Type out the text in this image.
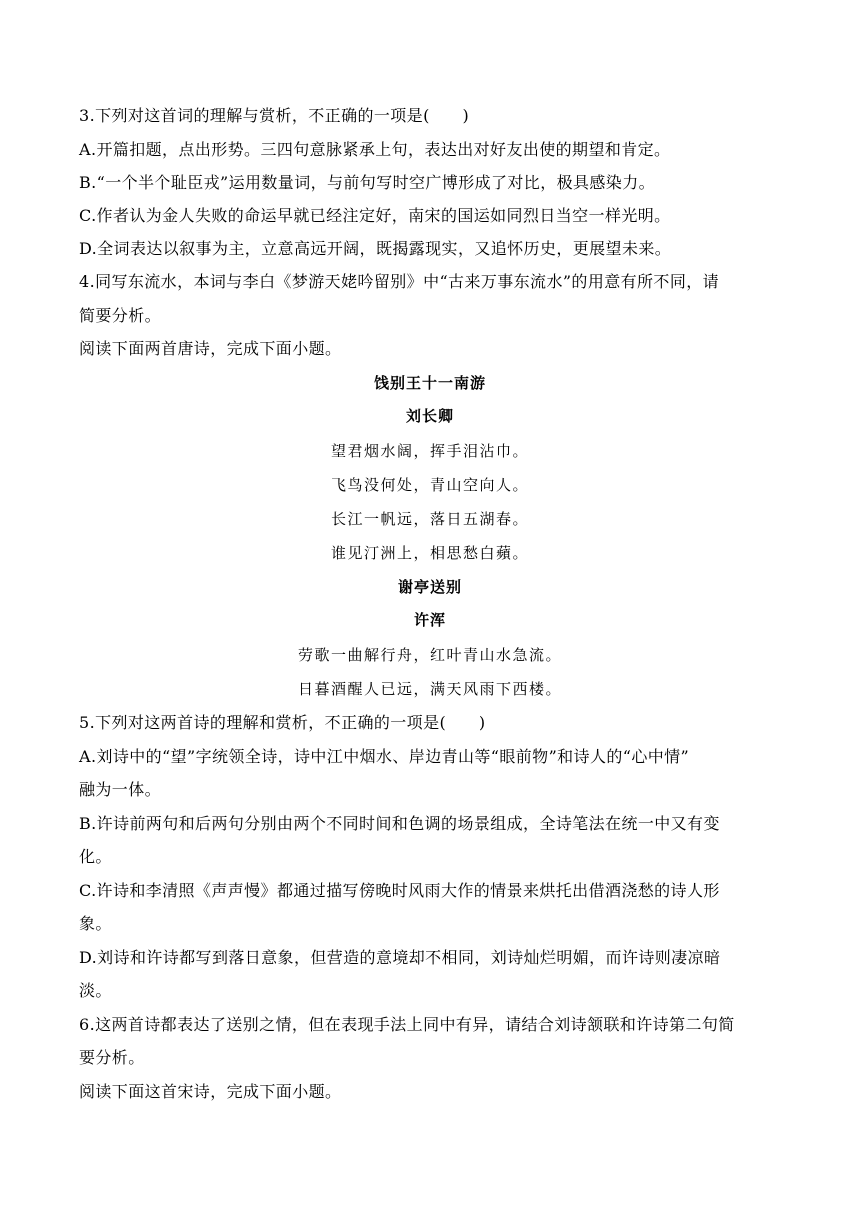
3.下列对这首词的理解与赏析，不正确的一项是(　　)
A.开篇扣题，点出形势。三四句意脉紧承上句，表达出对好友出使的期望和肯定。
B.“一个半个耻臣戎”运用数量词，与前句写时空广博形成了对比，极具感染力。
C.作者认为金人失败的命运早就已经注定好，南宋的国运如同烈日当空一样光明。
D.全词表达以叙事为主，立意高远开阔，既揭露现实，又追怀历史，更展望未来。
4.同写东流水，本词与李白《梦游天姥吟留别》中“古来万事东流水”的用意有所不同，请
简要分析。
阅读下面两首唐诗，完成下面小题。
饯别王十一南游
刘长卿
望君烟水阔，挥手泪沾巾。
飞鸟没何处，青山空向人。
长江一帆远，落日五湖春。
谁见汀洲上，相思愁白蘋。
谢亭送别
许浑
劳歌一曲解行舟，红叶青山水急流。
日暮酒醒人已远，满天风雨下西楼。
5.下列对这两首诗的理解和赏析，不正确的一项是(　　)
A.刘诗中的“望”字统领全诗，诗中江中烟水、岸边青山等“眼前物”和诗人的“心中情”
融为一体。
B.许诗前两句和后两句分别由两个不同时间和色调的场景组成，全诗笔法在统一中又有变
化。
C.许诗和李清照《声声慢》都通过描写傍晚时风雨大作的情景来烘托出借酒浇愁的诗人形
象。
D.刘诗和许诗都写到落日意象，但营造的意境却不相同，刘诗灿烂明媚，而许诗则凄凉暗
淡。
6.这两首诗都表达了送别之情，但在表现手法上同中有异，请结合刘诗颔联和许诗第二句简
要分析。
阅读下面这首宋诗，完成下面小题。
